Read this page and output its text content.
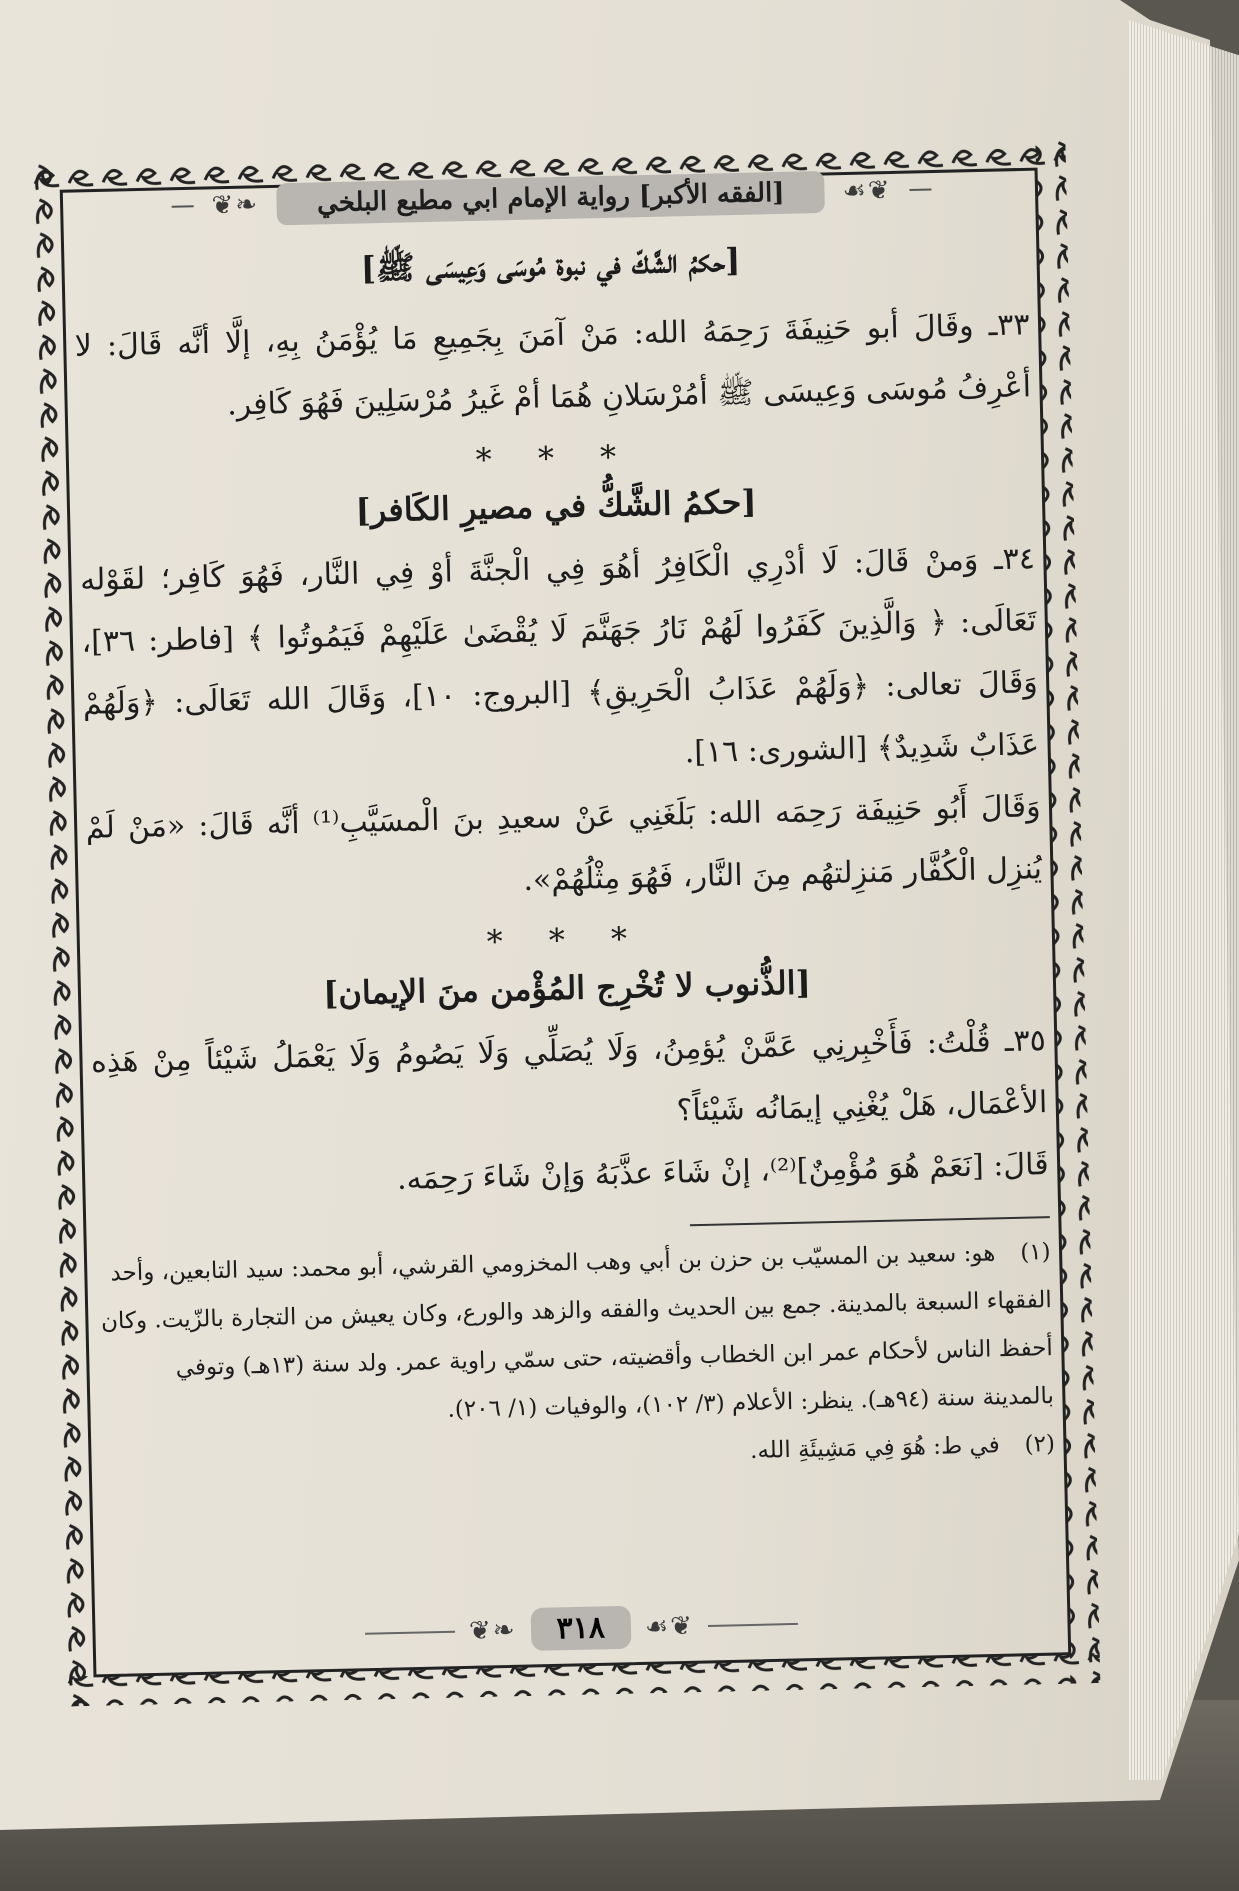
❦❧	[الفقه الأكبر] رواية الإمام ابي مطيع البلخي	☙❦

[حكمُ الشَّكّ في نبوة مُوسَى وَعِيسَى ﷺ]

٣٣ـ وقَالَ أبو حَنِيفَةَ رَحِمَهُ الله: مَنْ آمَنَ بِجَمِيعِ مَا يُؤْمَنُ بِهِ، إلَّا أنَّه قَالَ: لا أعْرِفُ مُوسَى وَعِيسَى ﷺ أمُرْسَلانِ هُمَا أمْ غَيرُ مُرْسَلِينَ فَهُوَ كَافِر.

* * *

[حكمُ الشَّكُّ في مصيرِ الكَافر]

٣٤ـ وَمنْ قَالَ: لَا أدْرِي الْكَافِرُ أهُوَ فِي الْجنَّةَ أوْ فِي النَّار، فَهُوَ كَافِر؛ لقَوْله تَعَالَى: ﴿ وَالَّذِينَ كَفَرُوا لَهُمْ نَارُ جَهَنَّمَ لَا يُقْضَىٰ عَلَيْهِمْ فَيَمُوتُوا ﴾ [فاطر: ٣٦]، وَقَالَ تعالى: ﴿وَلَهُمْ عَذَابُ الْحَرِيقِ﴾ [البروج: ١٠]، وَقَالَ الله تَعَالَى: ﴿وَلَهُمْ عَذَابٌ شَدِيدٌ﴾ [الشورى: ١٦].

وَقَالَ أَبُو حَنِيفَة رَحِمَه الله: بَلَغَنِي عَنْ سعيدِ بنَ الْمسَيَّبِ⁽¹⁾ أنَّه قَالَ: «مَنْ لَمْ يُنزِل الْكُفَّار مَنزِلتهُم مِنَ النَّار، فَهُوَ مِثْلُهُمْ».

* * *

[الذُّنوب لا تُخْرِج المُؤْمن منَ الإيمان]

٣٥ـ قُلْتُ: فَأَخْبِرنِي عَمَّنْ يُؤمِنُ، وَلَا يُصَلِّي وَلَا يَصُومُ وَلَا يَعْمَلُ شَيْئاً مِنْ هَذِه الأعْمَال، هَلْ يُغْنِي إيمَانُه شَيْئاً؟

قَالَ: [نَعَمْ هُوَ مُؤْمِنٌ]⁽²⁾، إنْ شَاءَ عذَّبَهُ وَإنْ شَاءَ رَحِمَه.

(١) هو: سعيد بن المسيّب بن حزن بن أبي وهب المخزومي القرشي، أبو محمد: سيد التابعين، وأحد الفقهاء السبعة بالمدينة. جمع بين الحديث والفقه والزهد والورع، وكان يعيش من التجارة بالزّيت. وكان أحفظ الناس لأحكام عمر ابن الخطاب وأقضيته، حتى سمّي راوية عمر. ولد سنة (١٣هـ) وتوفي بالمدينة سنة (٩٤هـ). ينظر: الأعلام (٣/ ١٠٢)، والوفيات (١/ ٢٠٦).

(٢) في ط: هُوَ فِي مَشِيئَةِ الله.

❦❧	٣١٨	☙❦
